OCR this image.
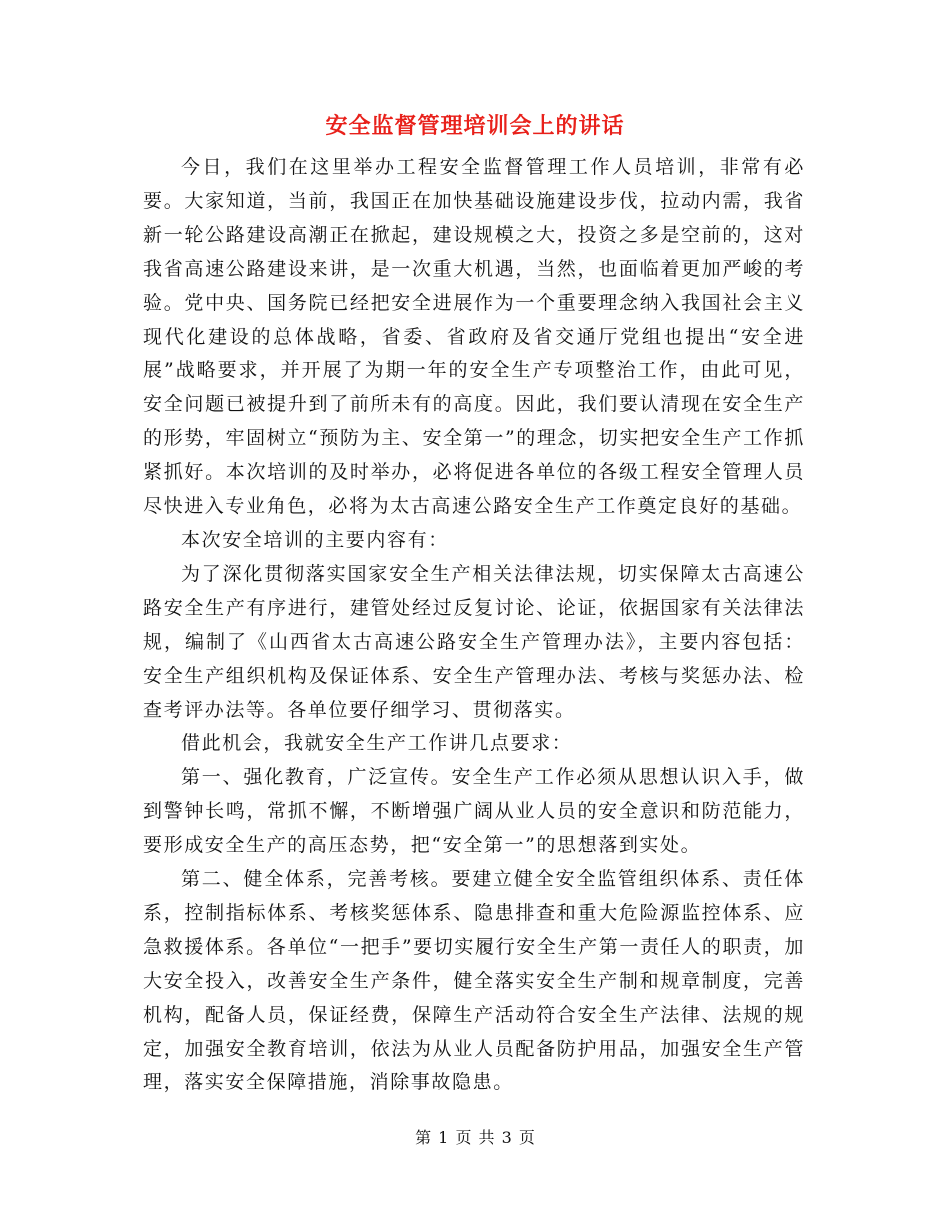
安全监督管理培训会上的讲话

今日，我们在这里举办工程安全监督管理工作人员培训，非常有必要。大家知道，当前，我国正在加快基础设施建设步伐，拉动内需，我省新一轮公路建设高潮正在掀起，建设规模之大，投资之多是空前的，这对我省高速公路建设来讲，是一次重大机遇，当然，也面临着更加严峻的考验。党中央、国务院已经把安全进展作为一个重要理念纳入我国社会主义现代化建设的总体战略，省委、省政府及省交通厅党组也提出“安全进展”战略要求，并开展了为期一年的安全生产专项整治工作，由此可见，安全问题已被提升到了前所未有的高度。因此，我们要认清现在安全生产的形势，牢固树立“预防为主、安全第一”的理念，切实把安全生产工作抓紧抓好。本次培训的及时举办，必将促进各单位的各级工程安全管理人员尽快进入专业角色，必将为太古高速公路安全生产工作奠定良好的基础。

本次安全培训的主要内容有：

为了深化贯彻落实国家安全生产相关法律法规，切实保障太古高速公路安全生产有序进行，建管处经过反复讨论、论证，依据国家有关法律法规，编制了《山西省太古高速公路安全生产管理办法》，主要内容包括：安全生产组织机构及保证体系、安全生产管理办法、考核与奖惩办法、检查考评办法等。各单位要仔细学习、贯彻落实。

借此机会，我就安全生产工作讲几点要求：

第一、强化教育，广泛宣传。安全生产工作必须从思想认识入手，做到警钟长鸣，常抓不懈，不断增强广阔从业人员的安全意识和防范能力，要形成安全生产的高压态势，把“安全第一”的思想落到实处。

第二、健全体系，完善考核。要建立健全安全监管组织体系、责任体系，控制指标体系、考核奖惩体系、隐患排查和重大危险源监控体系、应急救援体系。各单位“一把手”要切实履行安全生产第一责任人的职责，加大安全投入，改善安全生产条件，健全落实安全生产制和规章制度，完善机构，配备人员，保证经费，保障生产活动符合安全生产法律、法规的规定，加强安全教育培训，依法为从业人员配备防护用品，加强安全生产管理，落实安全保障措施，消除事故隐患。

第 1 页 共 3 页
